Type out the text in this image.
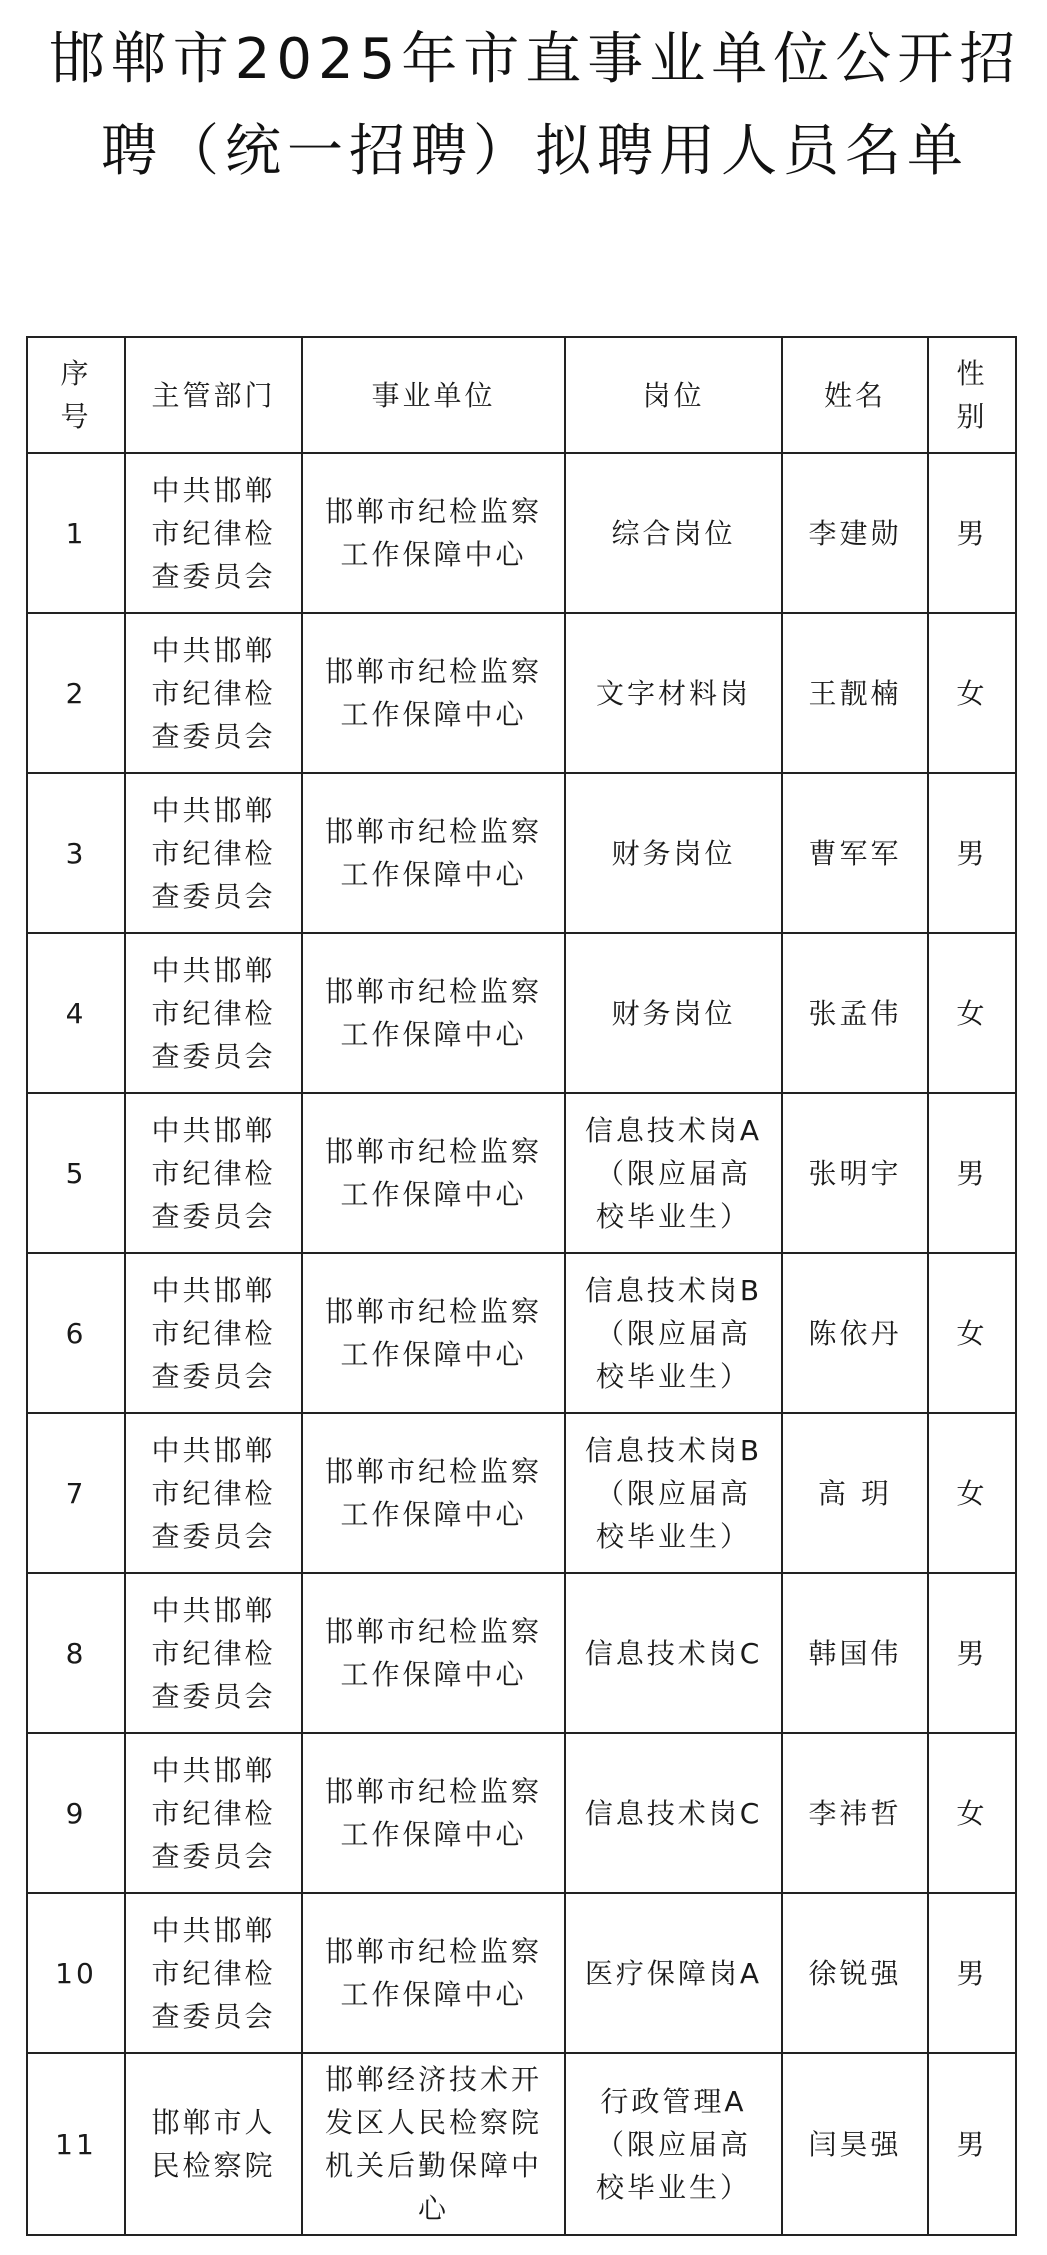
邯郸市2025年市直事业单位公开招
聘（统一招聘）拟聘用人员名单
序
号	主管部门	事业单位	岗位	姓名	性
别
1	中共邯郸
市纪律检
查委员会	邯郸市纪检监察
工作保障中心	综合岗位	李建勋	男
2	中共邯郸
市纪律检
查委员会	邯郸市纪检监察
工作保障中心	文字材料岗	王靓楠	女
3	中共邯郸
市纪律检
查委员会	邯郸市纪检监察
工作保障中心	财务岗位	曹军军	男
4	中共邯郸
市纪律检
查委员会	邯郸市纪检监察
工作保障中心	财务岗位	张孟伟	女
5	中共邯郸
市纪律检
查委员会	邯郸市纪检监察
工作保障中心	信息技术岗A
（限应届高
校毕业生）	张明宇	男
6	中共邯郸
市纪律检
查委员会	邯郸市纪检监察
工作保障中心	信息技术岗B
（限应届高
校毕业生）	陈依丹	女
7	中共邯郸
市纪律检
查委员会	邯郸市纪检监察
工作保障中心	信息技术岗B
（限应届高
校毕业生）	高 玥	女
8	中共邯郸
市纪律检
查委员会	邯郸市纪检监察
工作保障中心	信息技术岗C	韩国伟	男
9	中共邯郸
市纪律检
查委员会	邯郸市纪检监察
工作保障中心	信息技术岗C	李祎哲	女
10	中共邯郸
市纪律检
查委员会	邯郸市纪检监察
工作保障中心	医疗保障岗A	徐锐强	男
11	邯郸市人
民检察院	邯郸经济技术开
发区人民检察院
机关后勤保障中
心	行政管理A
（限应届高
校毕业生）	闫昊强	男
